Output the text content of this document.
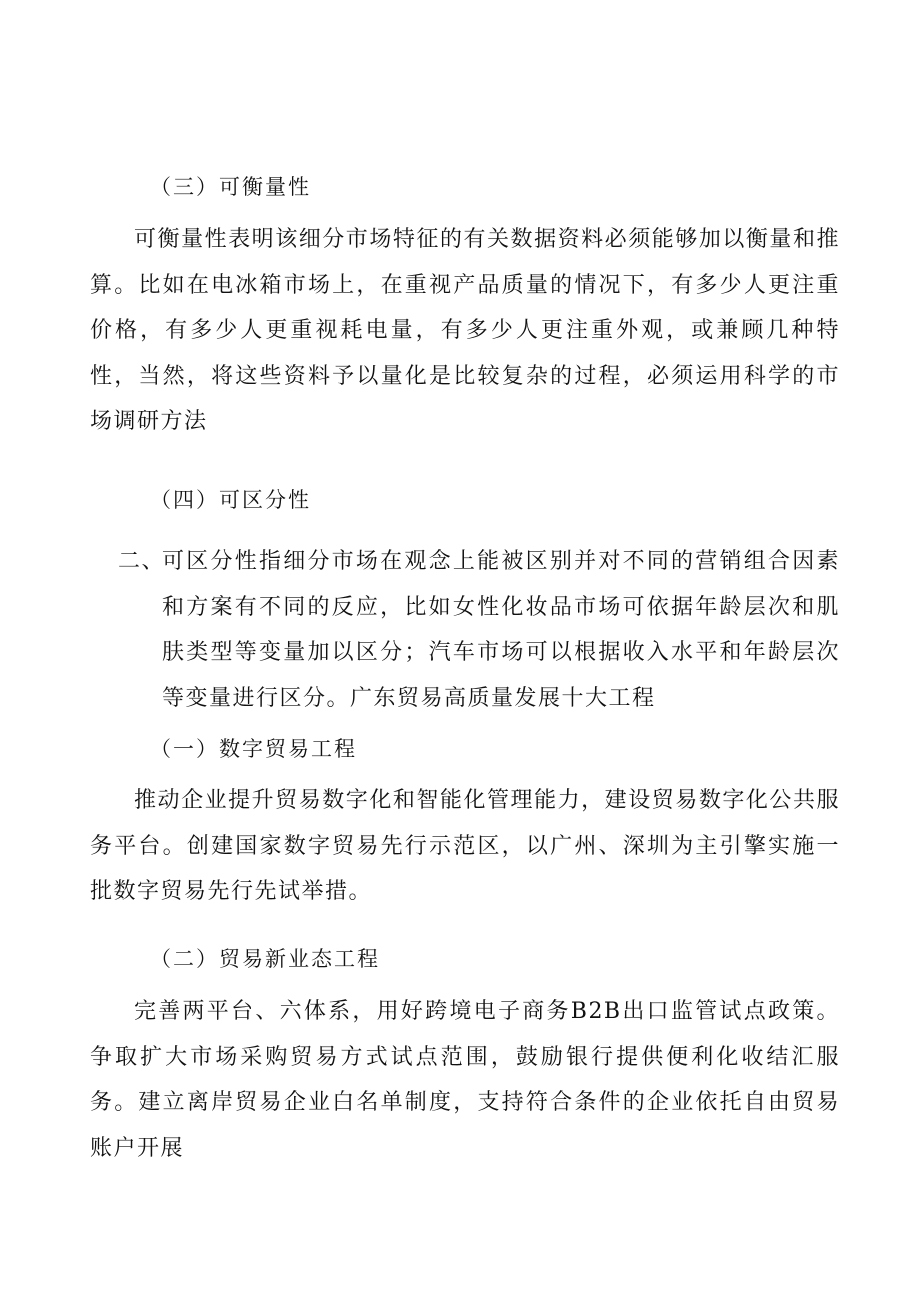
（三）可衡量性
可衡量性表明该细分市场特征的有关数据资料必须能够加以衡量和推算。比如在电冰箱市场上，在重视产品质量的情况下，有多少人更注重价格，有多少人更重视耗电量，有多少人更注重外观，或兼顾几种特性，当然，将这些资料予以量化是比较复杂的过程，必须运用科学的市场调研方法
（四）可区分性
二、
可区分性指细分市场在观念上能被区别并对不同的营销组合因素和方案有不同的反应，比如女性化妆品市场可依据年龄层次和肌肤类型等变量加以区分；汽车市场可以根据收入水平和年龄层次等变量进行区分。广东贸易高质量发展十大工程
（一）数字贸易工程
推动企业提升贸易数字化和智能化管理能力，建设贸易数字化公共服务平台。创建国家数字贸易先行示范区，以广州、深圳为主引擎实施一批数字贸易先行先试举措。
（二）贸易新业态工程
完善两平台、六体系，用好跨境电子商务B2B出口监管试点政策。争取扩大市场采购贸易方式试点范围，鼓励银行提供便利化收结汇服务。建立离岸贸易企业白名单制度，支持符合条件的企业依托自由贸易账户开展
